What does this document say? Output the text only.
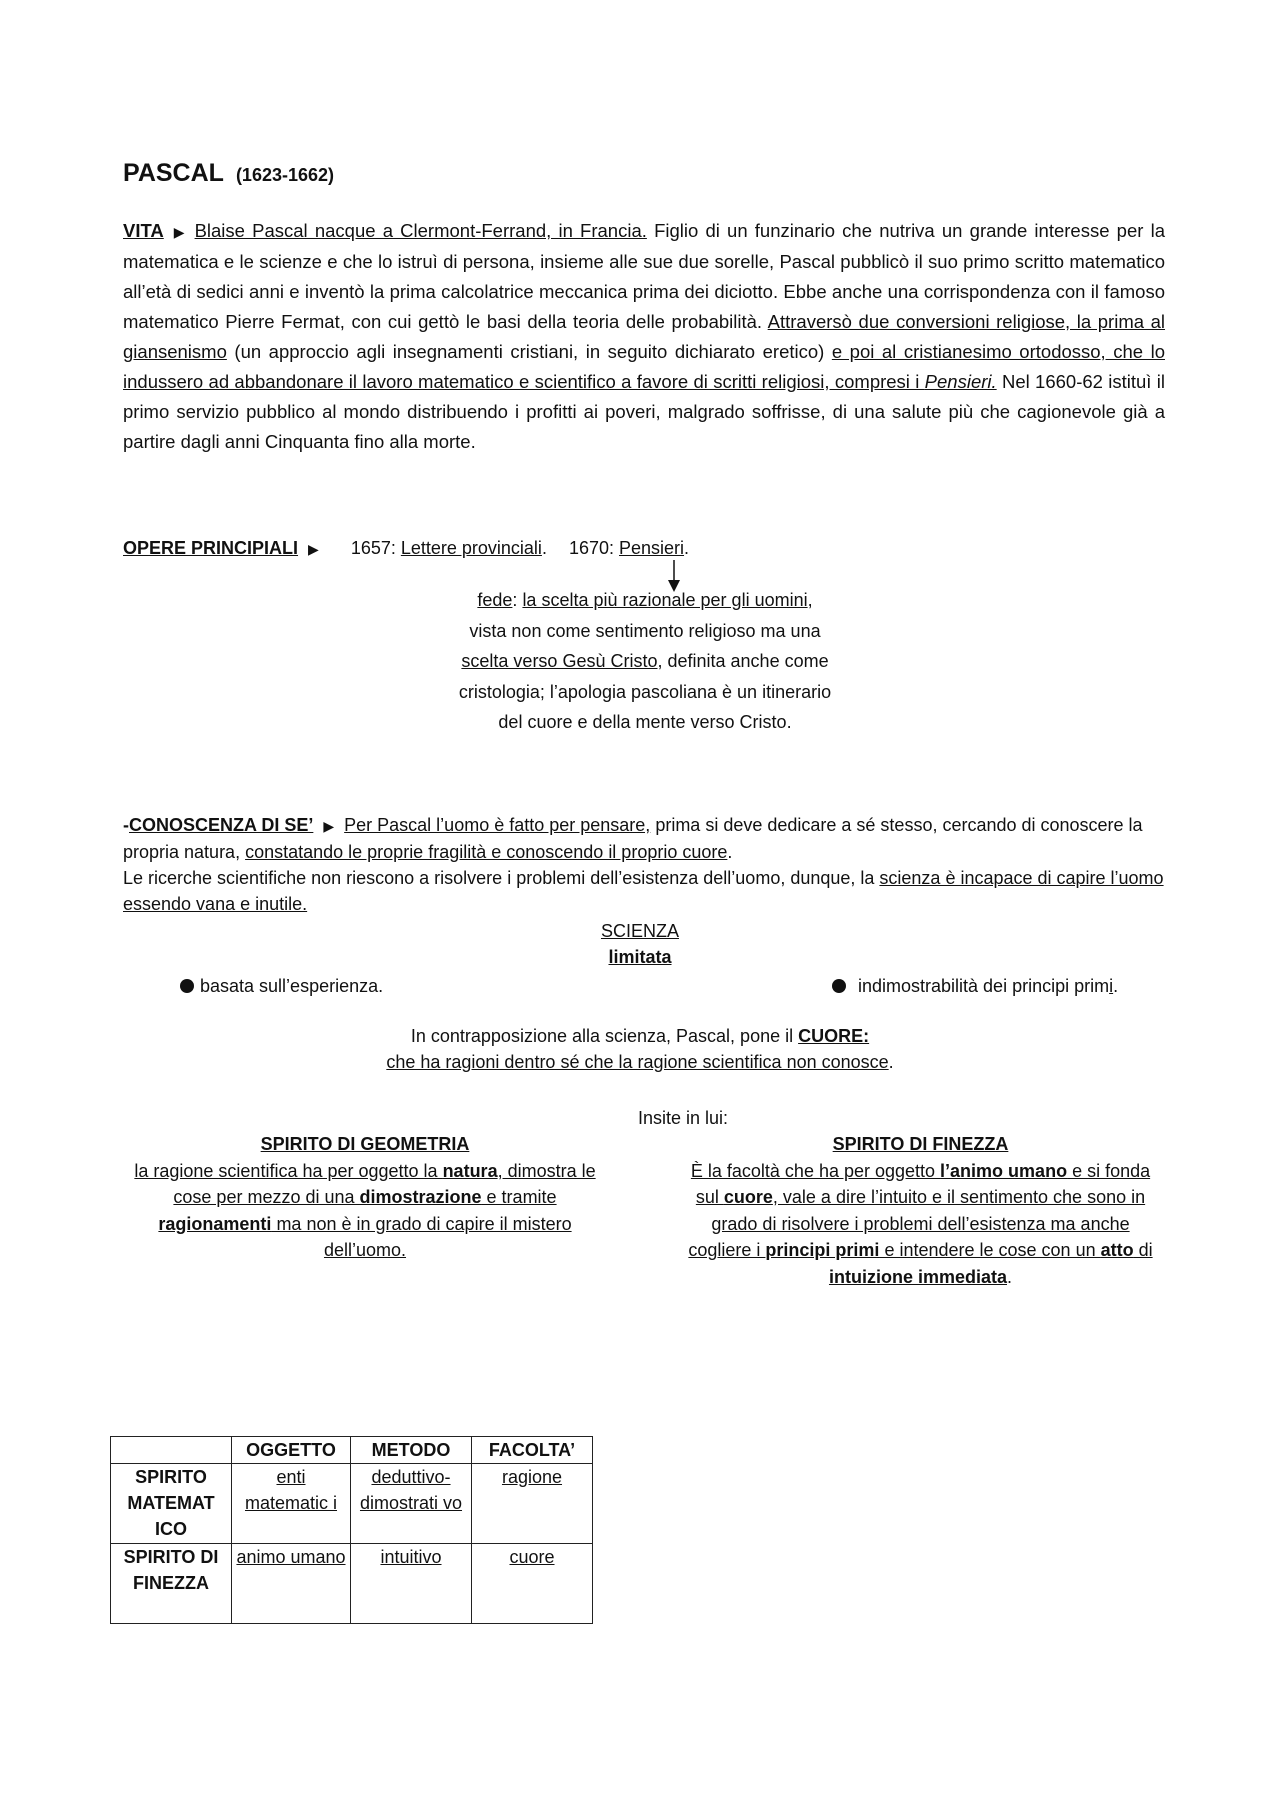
PASCAL (1623-1662)
VITA ▶ Blaise Pascal nacque a Clermont-Ferrand, in Francia. Figlio di un funzinario che nutriva un grande interesse per la matematica e le scienze e che lo istruì di persona, insieme alle sue due sorelle, Pascal pubblicò il suo primo scritto matematico all’età di sedici anni e inventò la prima calcolatrice meccanica prima dei diciotto. Ebbe anche una corrispondenza con il famoso matematico Pierre Fermat, con cui gettò le basi della teoria delle probabilità. Attraversò due conversioni religiose, la prima al giansenismo (un approccio agli insegnamenti cristiani, in seguito dichiarato eretico) e poi al cristianesimo ortodosso, che lo indussero ad abbandonare il lavoro matematico e scientifico a favore di scritti religiosi, compresi i Pensieri. Nel 1660-62 istituì il primo servizio pubblico al mondo distribuendo i profitti ai poveri, malgrado soffrisse, di una salute più che cagionevole già a partire dagli anni Cinquanta fino alla morte.
OPERE PRINCIPIALI ▶ 1657: Lettere provinciali. 1670: Pensieri.
fede: la scelta più razionale per gli uomini,
vista non come sentimento religioso ma una
scelta verso Gesù Cristo, definita anche come
cristologia; l’apologia pascoliana è un itinerario
del cuore e della mente verso Cristo.
-CONOSCENZA DI SE’ ▶ Per Pascal l’uomo è fatto per pensare, prima si deve dedicare a sé stesso, cercando di conoscere la propria natura, constatando le proprie fragilità e conoscendo il proprio cuore.
Le ricerche scientifiche non riescono a risolvere i problemi dell’esistenza dell’uomo, dunque, la scienza è incapace di capire l’uomo essendo vana e inutile.
SCIENZA
limitata
basata sull’esperienza.	indimostrabilità dei principi primi.
In contrapposizione alla scienza, Pascal, pone il CUORE:
che ha ragioni dentro sé che la ragione scientifica non conosce.
Insite in lui:
SPIRITO DI GEOMETRIA
la ragione scientifica ha per oggetto la natura, dimostra le cose per mezzo di una dimostrazione e tramite ragionamenti ma non è in grado di capire il mistero dell’uomo.
SPIRITO DI FINEZZA
È la facoltà che ha per oggetto l’animo umano e si fonda sul cuore, vale a dire l’intuito e il sentimento che sono in grado di risolvere i problemi dell’esistenza ma anche cogliere i principi primi e intendere le cose con un atto di intuizione immediata.
	OGGETTO	METODO	FACOLTA’
SPIRITO MATEMAT ICO	enti matematic i	deduttivo-dimostrati vo	ragione
SPIRITO DI FINEZZA	animo umano	intuitivo	cuore
